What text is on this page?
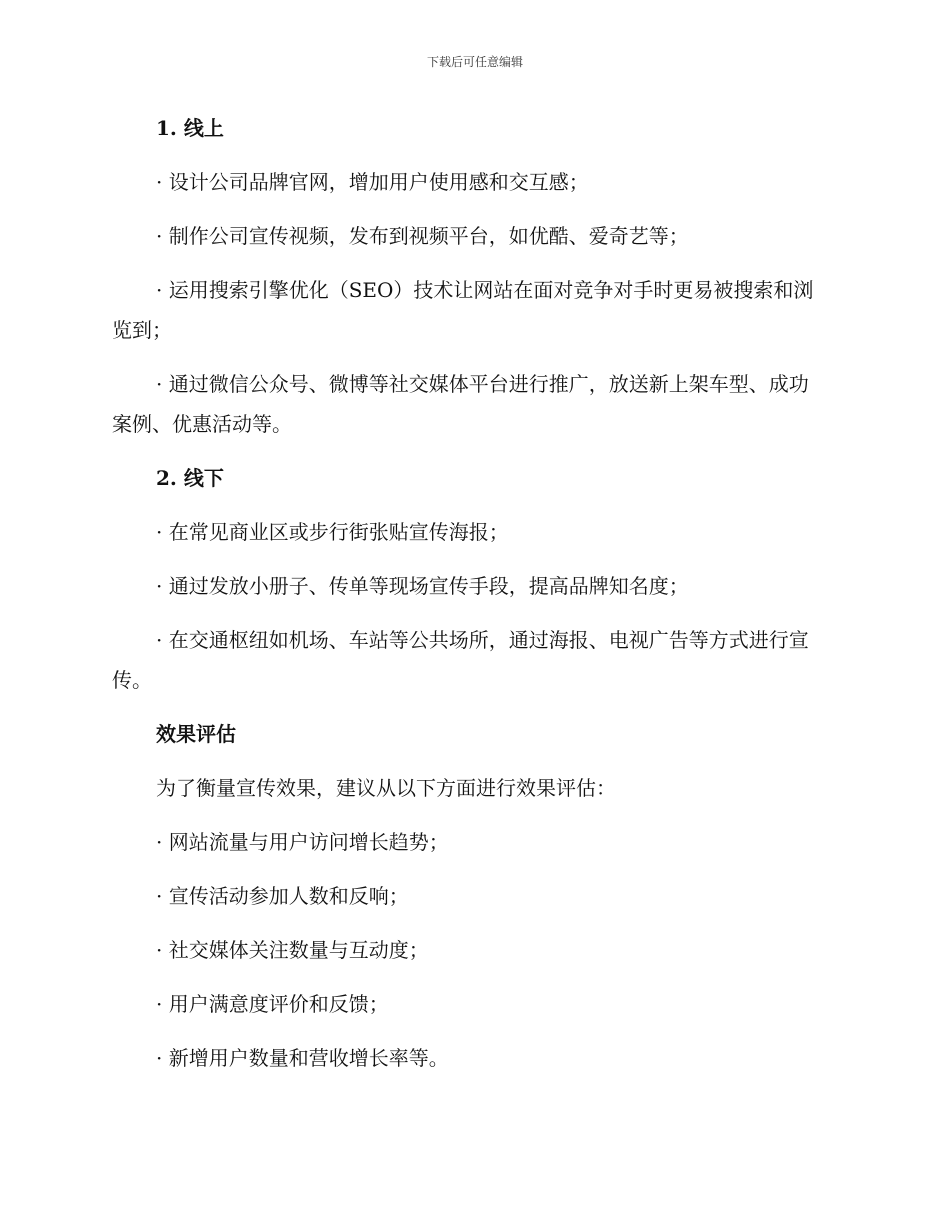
下载后可任意编辑
1. 线上
· 设计公司品牌官网，增加用户使用感和交互感；
· 制作公司宣传视频，发布到视频平台，如优酷、爱奇艺等；
· 运用搜索引擎优化（SEO）技术让网站在面对竞争对手时更易被搜索和浏览到；
· 通过微信公众号、微博等社交媒体平台进行推广，放送新上架车型、成功案例、优惠活动等。
2. 线下
· 在常见商业区或步行街张贴宣传海报；
· 通过发放小册子、传单等现场宣传手段，提高品牌知名度；
· 在交通枢纽如机场、车站等公共场所，通过海报、电视广告等方式进行宣传。
效果评估
为了衡量宣传效果，建议从以下方面进行效果评估：
· 网站流量与用户访问增长趋势；
· 宣传活动参加人数和反响；
· 社交媒体关注数量与互动度；
· 用户满意度评价和反馈；
· 新增用户数量和营收增长率等。
